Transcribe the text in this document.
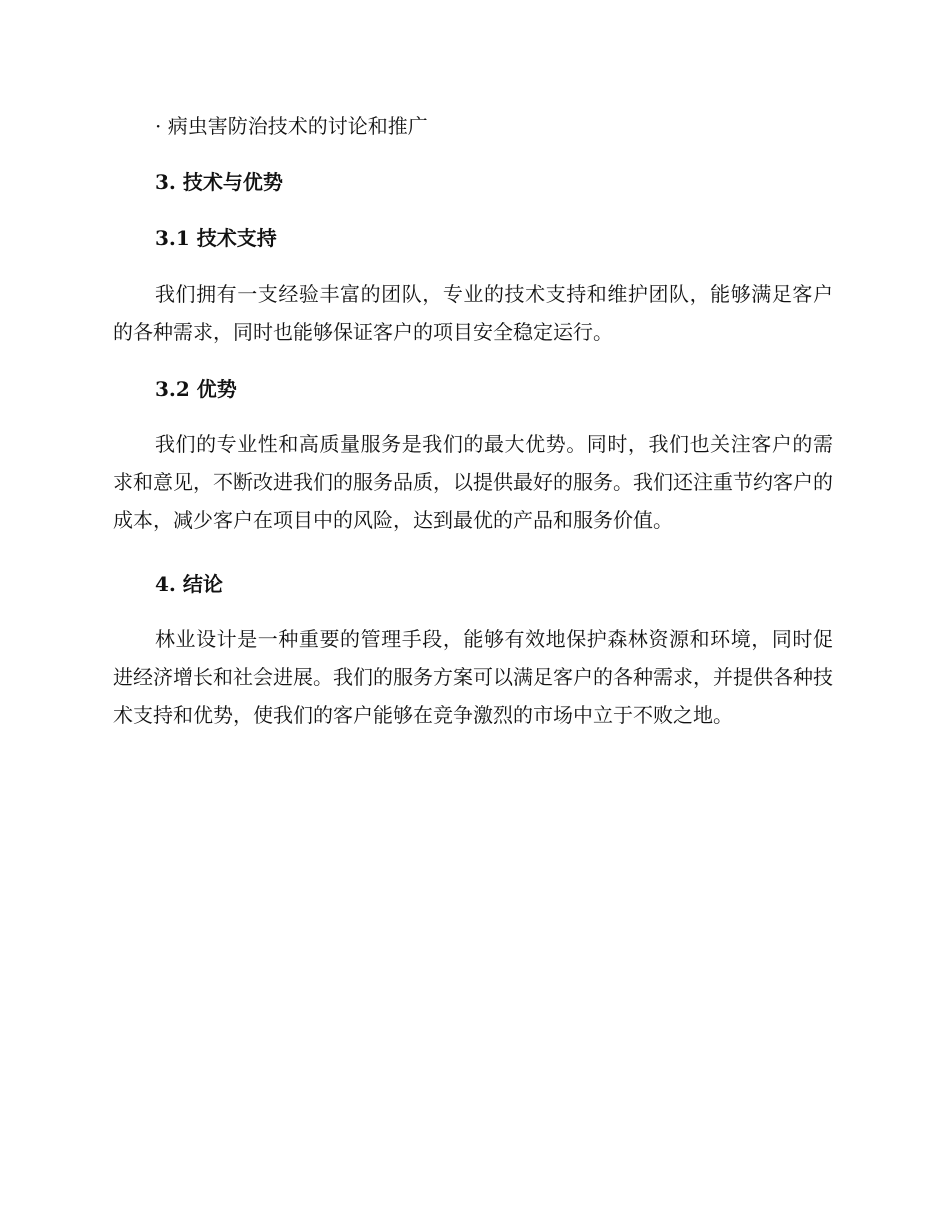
· 病虫害防治技术的讨论和推广

3. 技术与优势
3.1 技术支持

我们拥有一支经验丰富的团队，专业的技术支持和维护团队，能够满足客户的各种需求，同时也能够保证客户的项目安全稳定运行。

3.2 优势

我们的专业性和高质量服务是我们的最大优势。同时，我们也关注客户的需求和意见，不断改进我们的服务品质，以提供最好的服务。我们还注重节约客户的成本，减少客户在项目中的风险，达到最优的产品和服务价值。

4. 结论

林业设计是一种重要的管理手段，能够有效地保护森林资源和环境，同时促进经济增长和社会进展。我们的服务方案可以满足客户的各种需求，并提供各种技术支持和优势，使我们的客户能够在竞争激烈的市场中立于不败之地。
